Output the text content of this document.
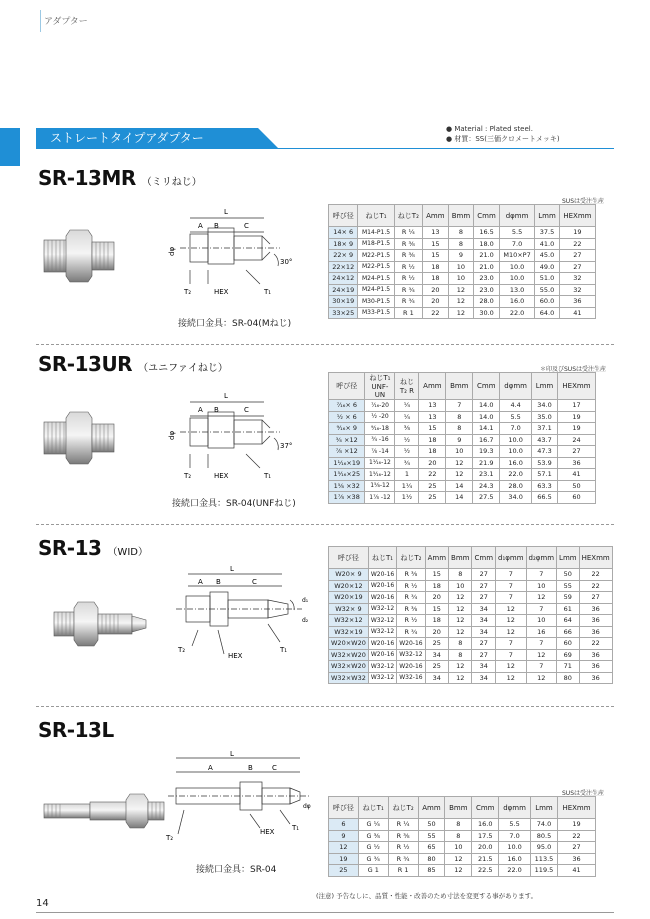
アダプター
ストレートタイプアダプター
● Material : Plated steel.
● 材質：SS(三価クロメートメッキ)
SR-13MR （ミリねじ）
L
A B	C
dφ
30°
T₂	HEX	T₁
接続口金具：SR-04(Mねじ)
SUSは受注生産
呼び径	ねじT₁	ねじT₂	Amm	Bmm	Cmm	dφmm	Lmm	HEXmm
14× 6	M14-P1.5	R ¼	13	8	16.5	5.5	37.5	19
18× 9	M18-P1.5	R ⅜	15	8	18.0	7.0	41.0	22
22× 9	M22-P1.5	R ⅜	15	9	21.0	M10×P7	45.0	27
22×12	M22-P1.5	R ½	18	10	21.0	10.0	49.0	27
24×12	M24-P1.5	R ½	18	10	23.0	10.0	51.0	32
24×19	M24-P1.5	R ¾	20	12	23.0	13.0	55.0	32
30×19	M30-P1.5	R ¾	20	12	28.0	16.0	60.0	36
33×25	M33-P1.5	R 1	22	12	30.0	22.0	64.0	41
SR-13UR （ユニファイねじ）
L
A B	C
dφ
37°
T₂	HEX	T₁
接続口金具：SR-04(UNFねじ)
＊印及びSUSは受注生産
呼び径	ねじT₁ UNF-UN	ねじT₂ R	Amm	Bmm	Cmm	dφmm	Lmm	HEXmm
⁷⁄₁₆× 6	⁷⁄₁₆-20	¼	13	7	14.0	4.4	34.0	17
½ × 6	½ -20	¼	13	8	14.0	5.5	35.0	19
⁹⁄₁₆× 9	⁹⁄₁₆-18	⅜	15	8	14.1	7.0	37.1	19
¾ ×12	¾ -16	½	18	9	16.7	10.0	43.7	24
⅞ ×12	⅞ -14	½	18	10	19.3	10.0	47.3	27
1¹⁄₁₆×19	1¹⁄₁₆-12	¾	20	12	21.9	16.0	53.9	36
1⁵⁄₁₆×25	1⁵⁄₁₆-12	1	22	12	23.1	22.0	57.1	41
1⁵⁄₈ ×32	1⁵⁄₈-12	1¼	25	14	24.3	28.0	63.3	50
1⅞ ×38	1⅞ -12	1½	25	14	27.5	34.0	66.5	60
SR-13 （WID）
L
A B	C
d₁
d₂
T₂
HEX
T₁
呼び径	ねじT₁	ねじT₂	Amm	Bmm	Cmm	d₁φmm	d₂φmm	Lmm	HEXmm
W20× 9	W20-16	R ⅜	15	8	27	7	7	50	22
W20×12	W20-16	R ½	18	10	27	7	10	55	22
W20×19	W20-16	R ¾	20	12	27	7	12	59	27
W32× 9	W32-12	R ⅜	15	12	34	12	7	61	36
W32×12	W32-12	R ½	18	12	34	12	10	64	36
W32×19	W32-12	R ¾	20	12	34	12	16	66	36
W20×W20	W20-16	W20-16	25	8	27	7	7	60	22
W32×W20	W20-16	W32-12	34	8	27	7	12	69	36
W32×W20	W32-12	W20-16	25	12	34	12	7	71	36
W32×W32	W32-12	W32-16	34	12	34	12	12	80	36
SR-13L
L
A	B	C
dφ
T₂
HEX	T₁
接続口金具：SR-04
SUSは受注生産
呼び径	ねじT₁	ねじT₂	Amm	Bmm	Cmm	dφmm	Lmm	HEXmm
6	G ¼	R ¼	50	8	16.0	5.5	74.0	19
9	G ⅜	R ⅜	55	8	17.5	7.0	80.5	22
12	G ½	R ½	65	10	20.0	10.0	95.0	27
19	G ¾	R ¾	80	12	21.5	16.0	113.5	36
25	G 1	R 1	85	12	22.5	22.0	119.5	41
(注意) 予告なしに、品質・性能・改善のため寸法を変更する事があります。
14
